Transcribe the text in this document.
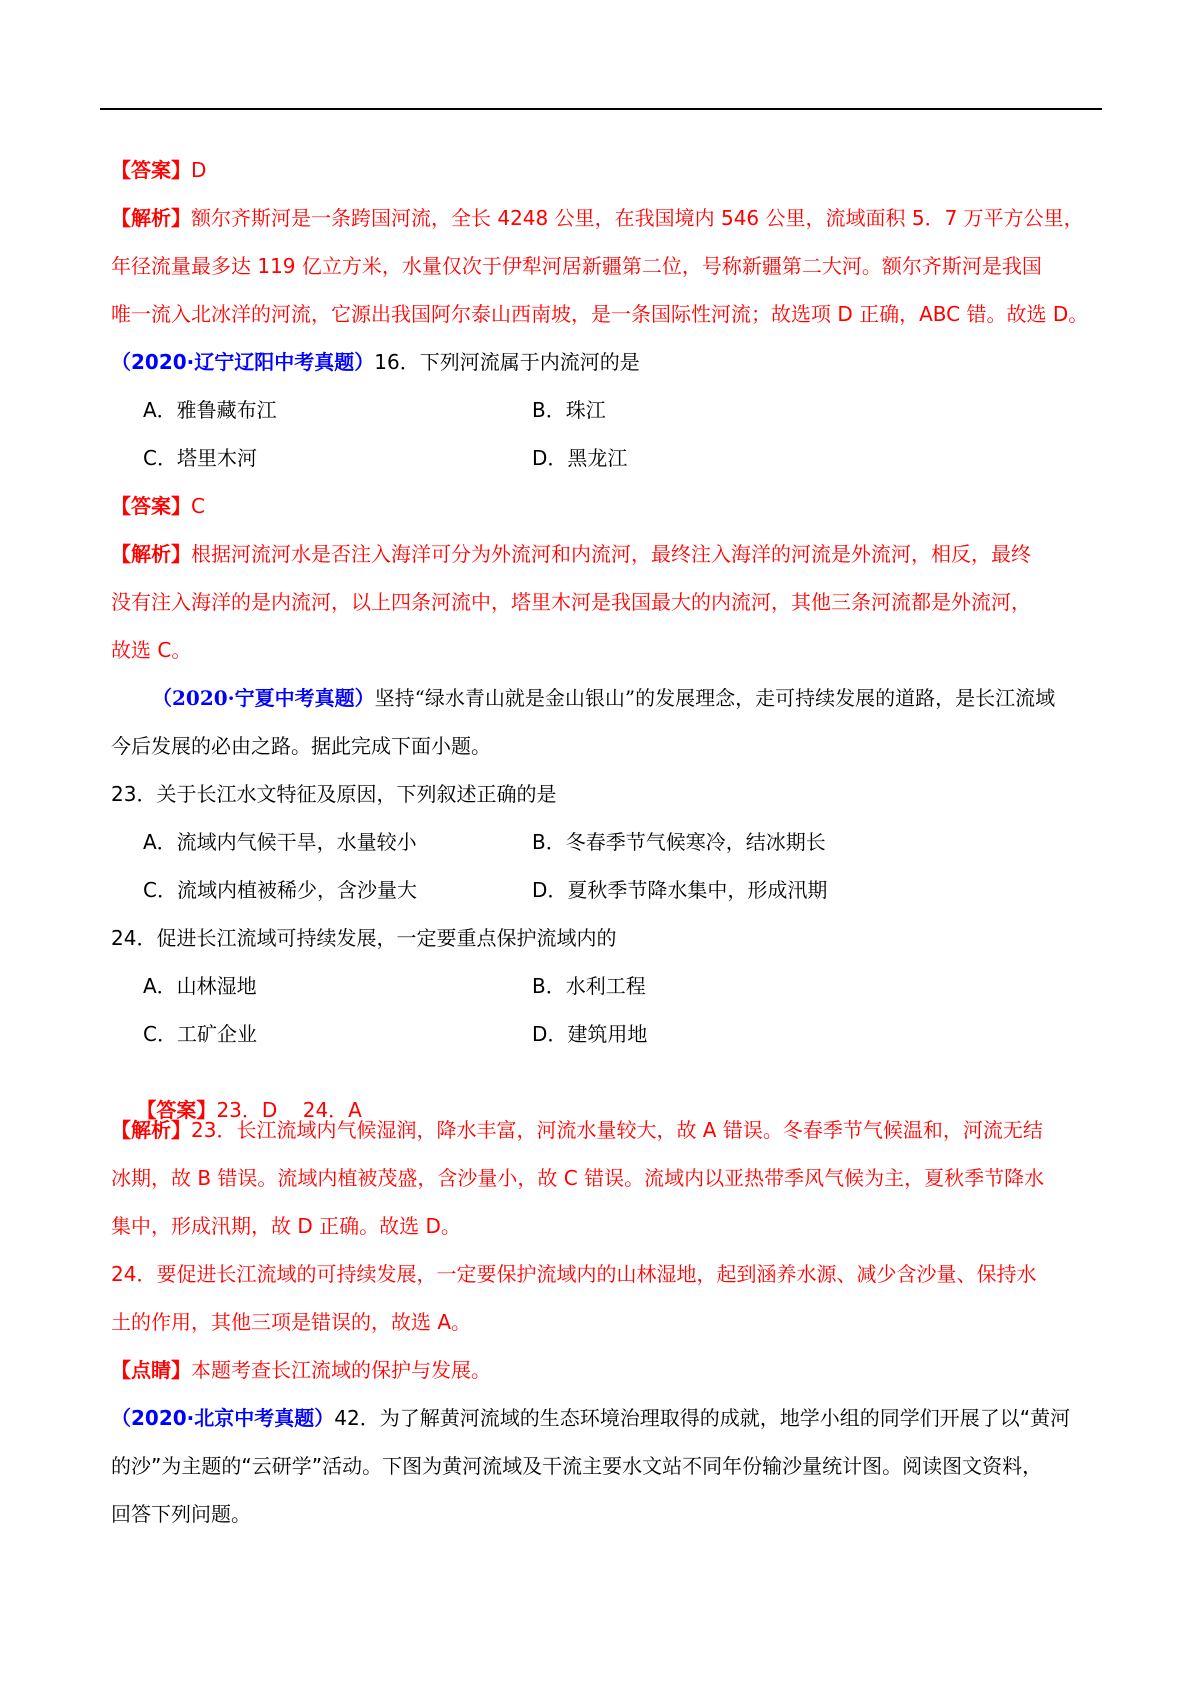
【答案】D
【解析】额尔齐斯河是一条跨国河流，全长 4248 公里，在我国境内 546 公里，流域面积 5．7 万平方公里，
年径流量最多达 119 亿立方米，水量仅次于伊犁河居新疆第二位，号称新疆第二大河。额尔齐斯河是我国
唯一流入北冰洋的河流，它源出我国阿尔泰山西南坡，是一条国际性河流；故选项 D 正确，ABC 错。故选 D。
（2020·辽宁辽阳中考真题）16．下列河流属于内流河的是
A．雅鲁藏布江	B．珠江
C．塔里木河	D．黑龙江
【答案】C
【解析】根据河流河水是否注入海洋可分为外流河和内流河，最终注入海洋的河流是外流河，相反，最终
没有注入海洋的是内流河，以上四条河流中，塔里木河是我国最大的内流河，其他三条河流都是外流河，
故选 C。
（2020·宁夏中考真题）坚持“绿水青山就是金山银山”的发展理念，走可持续发展的道路，是长江流域
今后发展的必由之路。据此完成下面小题。
23．关于长江水文特征及原因，下列叙述正确的是
A．流域内气候干旱，水量较小	B．冬春季节气候寒冷，结冰期长
C．流域内植被稀少，含沙量大	D．夏秋季节降水集中，形成汛期
24．促进长江流域可持续发展，一定要重点保护流域内的
A．山林湿地	B．水利工程
C．工矿企业	D．建筑用地

【答案】23．D    24．A

【解析】23．长江流域内气候湿润，降水丰富，河流水量较大，故 A 错误。冬春季节气候温和，河流无结
冰期，故 B 错误。流域内植被茂盛，含沙量小，故 C 错误。流域内以亚热带季风气候为主，夏秋季节降水
集中，形成汛期，故 D 正确。故选 D。
24．要促进长江流域的可持续发展，一定要保护流域内的山林湿地，起到涵养水源、减少含沙量、保持水
土的作用，其他三项是错误的，故选 A。
【点睛】本题考查长江流域的保护与发展。
（2020·北京中考真题）42．为了解黄河流域的生态环境治理取得的成就，地学小组的同学们开展了以“黄河
的沙”为主题的“云研学”活动。下图为黄河流域及干流主要水文站不同年份输沙量统计图。阅读图文资料，
回答下列问题。
